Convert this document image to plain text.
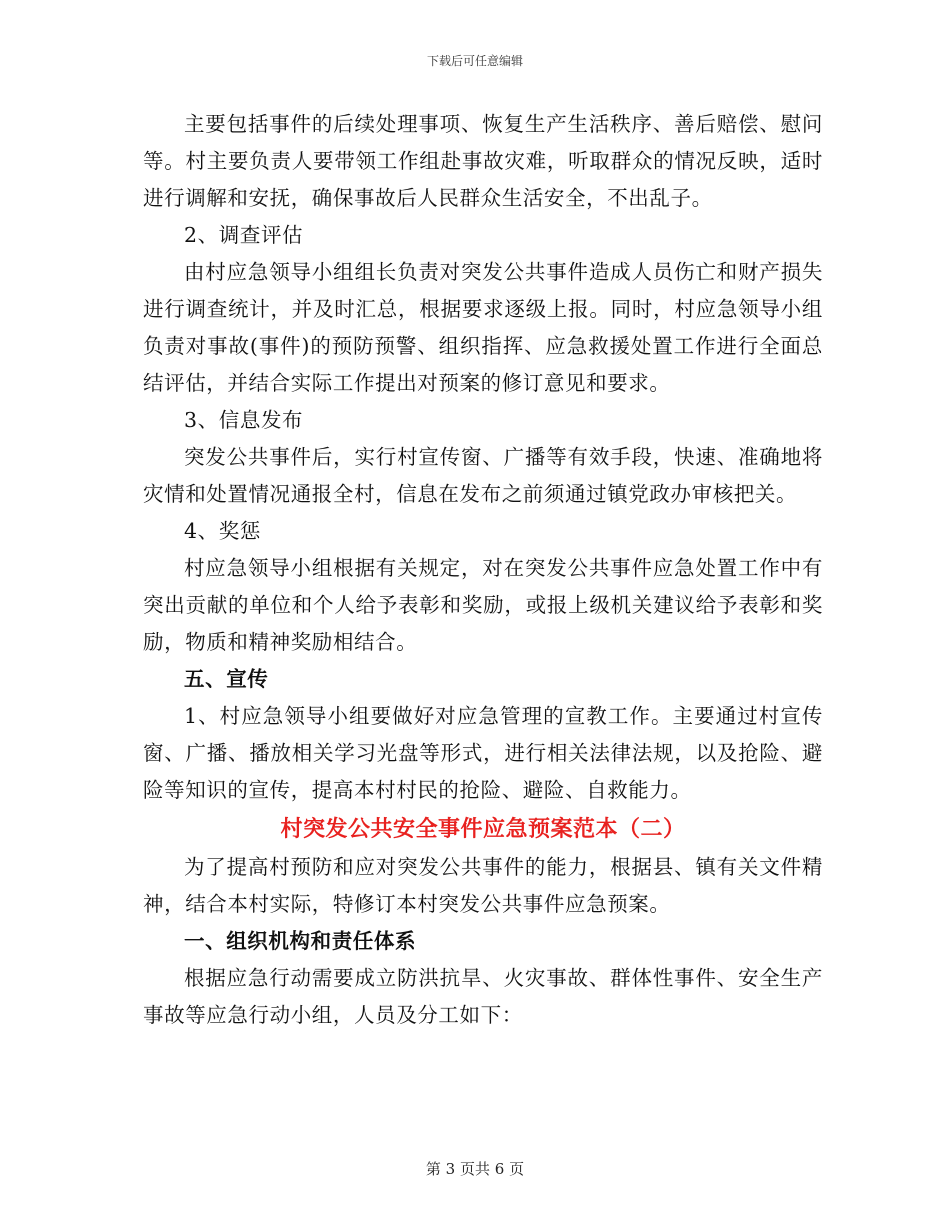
下载后可任意编辑

主要包括事件的后续处理事项、恢复生产生活秩序、善后赔偿、慰问等。村主要负责人要带领工作组赴事故灾难，听取群众的情况反映，适时进行调解和安抚，确保事故后人民群众生活安全，不出乱子。

2、调查评估

由村应急领导小组组长负责对突发公共事件造成人员伤亡和财产损失进行调查统计，并及时汇总，根据要求逐级上报。同时，村应急领导小组负责对事故(事件)的预防预警、组织指挥、应急救援处置工作进行全面总结评估，并结合实际工作提出对预案的修订意见和要求。

3、信息发布

突发公共事件后，实行村宣传窗、广播等有效手段，快速、准确地将灾情和处置情况通报全村，信息在发布之前须通过镇党政办审核把关。

4、奖惩

村应急领导小组根据有关规定，对在突发公共事件应急处置工作中有突出贡献的单位和个人给予表彰和奖励，或报上级机关建议给予表彰和奖励，物质和精神奖励相结合。

五、宣传

1、村应急领导小组要做好对应急管理的宣教工作。主要通过村宣传窗、广播、播放相关学习光盘等形式，进行相关法律法规，以及抢险、避险等知识的宣传，提高本村村民的抢险、避险、自救能力。

村突发公共安全事件应急预案范本（二）

为了提高村预防和应对突发公共事件的能力，根据县、镇有关文件精神，结合本村实际，特修订本村突发公共事件应急预案。

一、组织机构和责任体系

根据应急行动需要成立防洪抗旱、火灾事故、群体性事件、安全生产事故等应急行动小组，人员及分工如下：

第 3 页共 6 页
